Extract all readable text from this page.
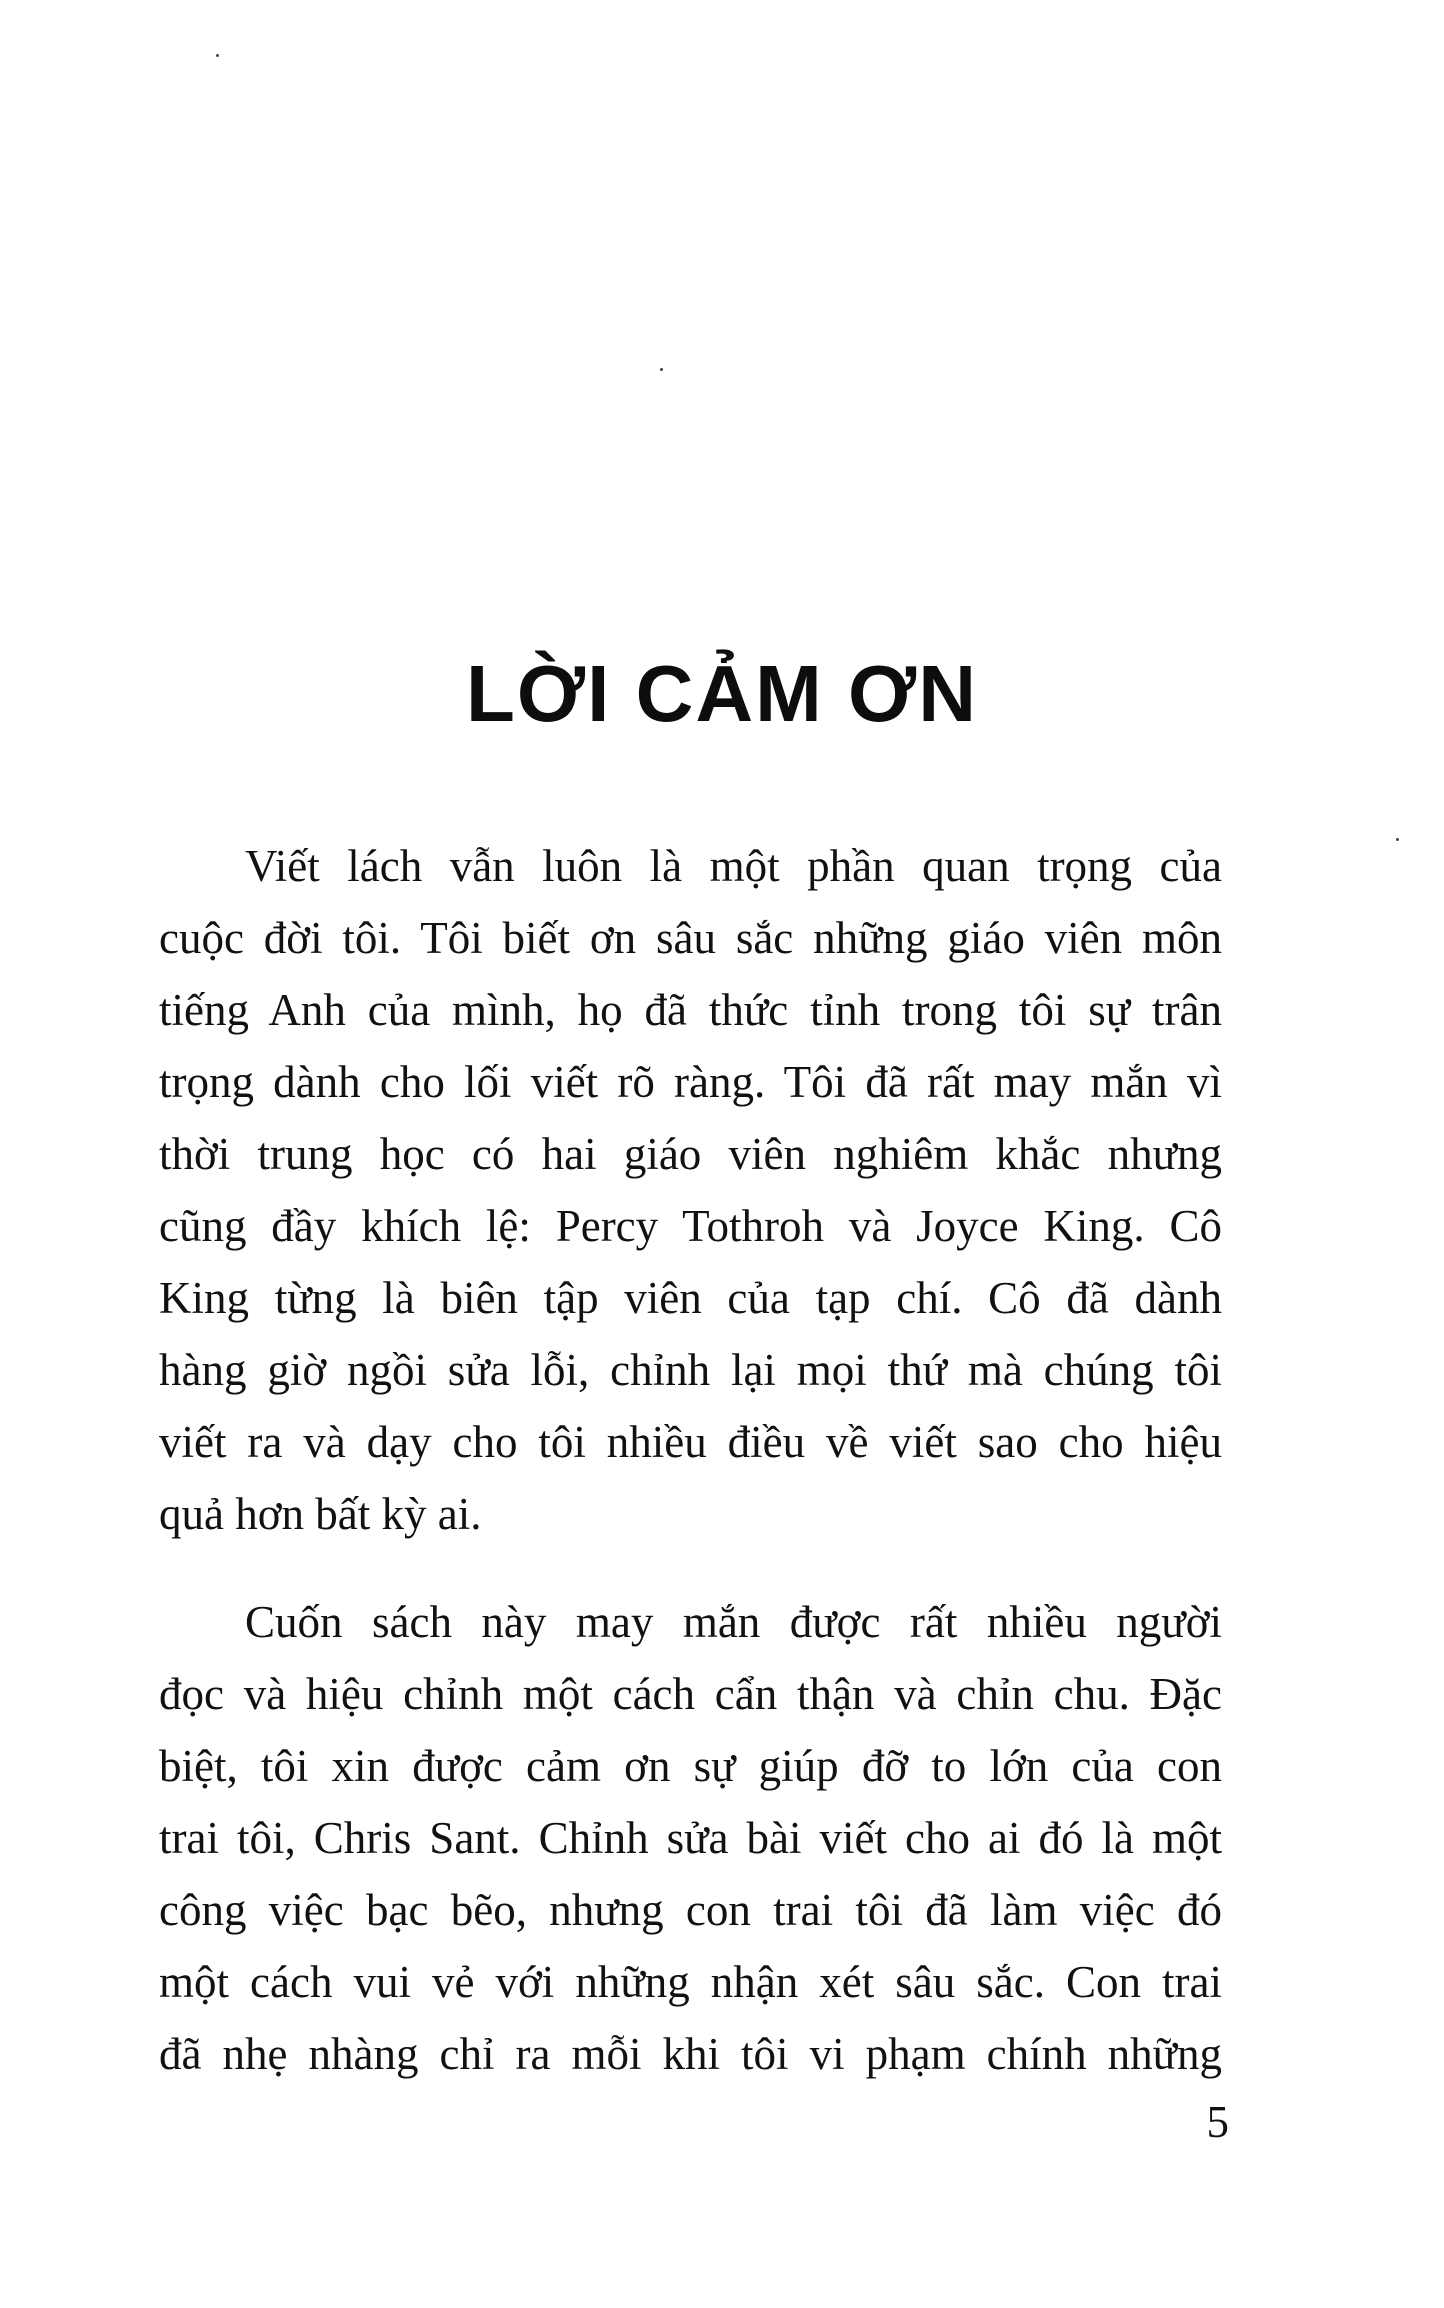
LỜI CẢM ƠN
Viết lách vẫn luôn là một phần quan trọng của
cuộc đời tôi. Tôi biết ơn sâu sắc những giáo viên môn
tiếng Anh của mình, họ đã thức tỉnh trong tôi sự trân
trọng dành cho lối viết rõ ràng. Tôi đã rất may mắn vì
thời trung học có hai giáo viên nghiêm khắc nhưng
cũng đầy khích lệ: Percy Tothroh và Joyce King. Cô
King từng là biên tập viên của tạp chí. Cô đã dành
hàng giờ ngồi sửa lỗi, chỉnh lại mọi thứ mà chúng tôi
viết ra và dạy cho tôi nhiều điều về viết sao cho hiệu
quả hơn bất kỳ ai.
Cuốn sách này may mắn được rất nhiều người
đọc và hiệu chỉnh một cách cẩn thận và chỉn chu. Đặc
biệt, tôi xin được cảm ơn sự giúp đỡ to lớn của con
trai tôi, Chris Sant. Chỉnh sửa bài viết cho ai đó là một
công việc bạc bẽo, nhưng con trai tôi đã làm việc đó
một cách vui vẻ với những nhận xét sâu sắc. Con trai
đã nhẹ nhàng chỉ ra mỗi khi tôi vi phạm chính những
5
